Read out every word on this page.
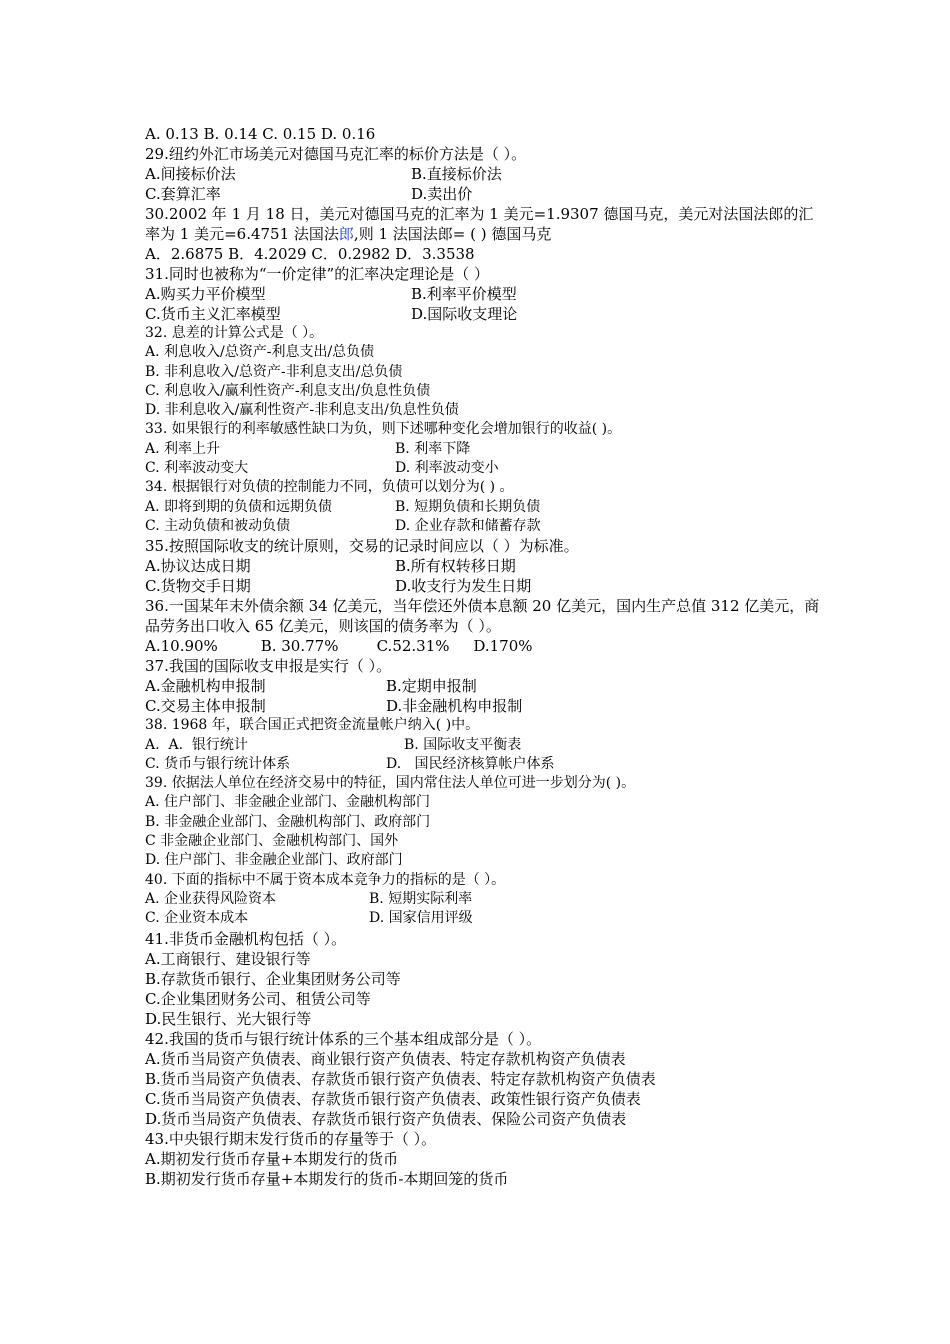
A. 0.13 B. 0.14 C. 0.15 D. 0.16
29.纽约外汇市场美元对德国马克汇率的标价方法是（ ）。
A.间接标价法	B.直接标价法
C.套算汇率	D.卖出价
30.2002 年 1 月 18 日，美元对德国马克的汇率为 1 美元=1.9307 德国马克，美元对法国法郎的汇率为 1 美元=6.4751 法国法郎,则 1 法国法郎= ( ) 德国马克
A．2.6875 B．4.2029 C．0.2982 D．3.3538
31.同时也被称为“一价定律”的汇率决定理论是（ ）
A.购买力平价模型	B.利率平价模型
C.货币主义汇率模型	D.国际收支理论
32. 息差的计算公式是（ ）。
A. 利息收入/总资产-利息支出/总负债
B. 非利息收入/总资产-非利息支出/总负债
C. 利息收入/赢利性资产-利息支出/负息性负债
D. 非利息收入/赢利性资产-非利息支出/负息性负债
33. 如果银行的利率敏感性缺口为负，则下述哪种变化会增加银行的收益( )。
A. 利率上升	B. 利率下降
C. 利率波动变大	D. 利率波动变小
34. 根据银行对负债的控制能力不同，负债可以划分为( ) 。
A. 即将到期的负债和远期负债	B. 短期负债和长期负债
C. 主动负债和被动负债	D. 企业存款和储蓄存款
35.按照国际收支的统计原则，交易的记录时间应以（ ）为标准。
A.协议达成日期	B.所有权转移日期
C.货物交手日期	D.收支行为发生日期
36.一国某年末外债余额 34 亿美元，当年偿还外债本息额 20 亿美元，国内生产总值 312 亿美元，商品劳务出口收入 65 亿美元，则该国的债务率为（ ）。
A.10.90%         B. 30.77%        C.52.31%     D.170%
37.我国的国际收支申报是实行（ ）。
A.金融机构申报制	B.定期申报制
C.交易主体申报制	D.非金融机构申报制
38. 1968 年，联合国正式把资金流量帐户纳入( )中。
A.  A.  银行统计	B. 国际收支平衡表
C. 货币与银行统计体系	D.   国民经济核算帐户体系
39. 依据法人单位在经济交易中的特征，国内常住法人单位可进一步划分为( )。
A. 住户部门、非金融企业部门、金融机构部门
B. 非金融企业部门、金融机构部门、政府部门
C 非金融企业部门、金融机构部门、国外
D. 住户部门、非金融企业部门、政府部门
40. 下面的指标中不属于资本成本竞争力的指标的是（ ）。
A. 企业获得风险资本	B. 短期实际利率
C. 企业资本成本	D. 国家信用评级
41.非货币金融机构包括（ ）。
A.工商银行、建设银行等
B.存款货币银行、企业集团财务公司等
C.企业集团财务公司、租赁公司等
D.民生银行、光大银行等
42.我国的货币与银行统计体系的三个基本组成部分是（ ）。
A.货币当局资产负债表、商业银行资产负债表、特定存款机构资产负债表
B.货币当局资产负债表、存款货币银行资产负债表、特定存款机构资产负债表
C.货币当局资产负债表、存款货币银行资产负债表、政策性银行资产负债表
D.货币当局资产负债表、存款货币银行资产负债表、保险公司资产负债表
43.中央银行期末发行货币的存量等于（ ）。
A.期初发行货币存量+本期发行的货币
B.期初发行货币存量+本期发行的货币-本期回笼的货币
